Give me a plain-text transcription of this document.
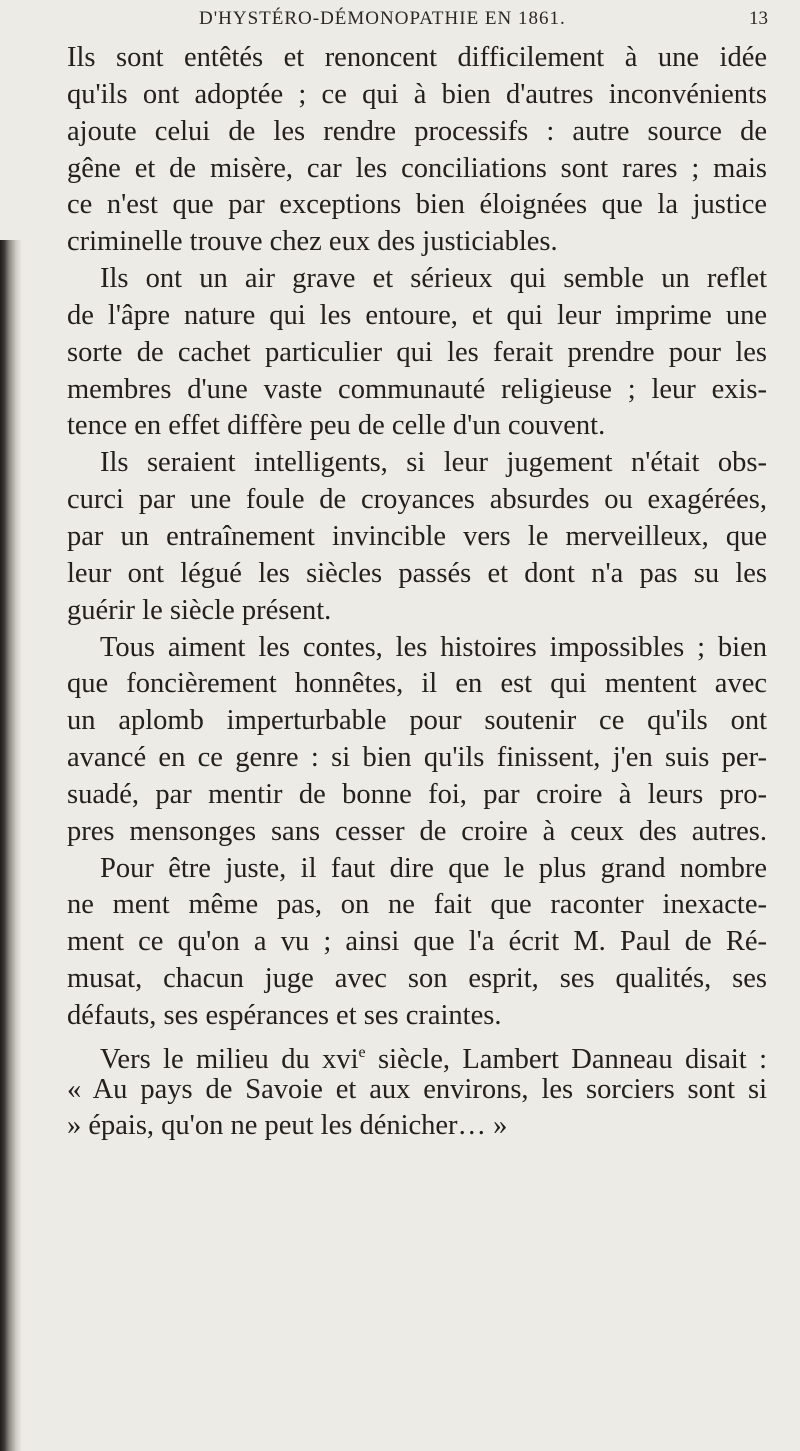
D'HYSTÉRO-DÉMONOPATHIE EN 1861.	13
Ils sont entêtés et renoncent difficilement à une idée
qu'ils ont adoptée ; ce qui à bien d'autres inconvénients
ajoute celui de les rendre processifs : autre source de
gêne et de misère, car les conciliations sont rares ; mais
ce n'est que par exceptions bien éloignées que la justice
criminelle trouve chez eux des justiciables.
Ils ont un air grave et sérieux qui semble un reflet
de l'âpre nature qui les entoure, et qui leur imprime une
sorte de cachet particulier qui les ferait prendre pour les
membres d'une vaste communauté religieuse ; leur exis-
tence en effet diffère peu de celle d'un couvent.
Ils seraient intelligents, si leur jugement n'était obs-
curci par une foule de croyances absurdes ou exagérées,
par un entraînement invincible vers le merveilleux, que
leur ont légué les siècles passés et dont n'a pas su les
guérir le siècle présent.
Tous aiment les contes, les histoires impossibles ; bien
que foncièrement honnêtes, il en est qui mentent avec
un aplomb imperturbable pour soutenir ce qu'ils ont
avancé en ce genre : si bien qu'ils finissent, j'en suis per-
suadé, par mentir de bonne foi, par croire à leurs pro-
pres mensonges sans cesser de croire à ceux des autres.
Pour être juste, il faut dire que le plus grand nombre
ne ment même pas, on ne fait que raconter inexacte-
ment ce qu'on a vu ; ainsi que l'a écrit M. Paul de Ré-
musat, chacun juge avec son esprit, ses qualités, ses
défauts, ses espérances et ses craintes.
Vers le milieu du xvi$^e$ siècle, Lambert Danneau disait :
« Au pays de Savoie et aux environs, les sorciers sont si
» épais, qu'on ne peut les dénicher… »
